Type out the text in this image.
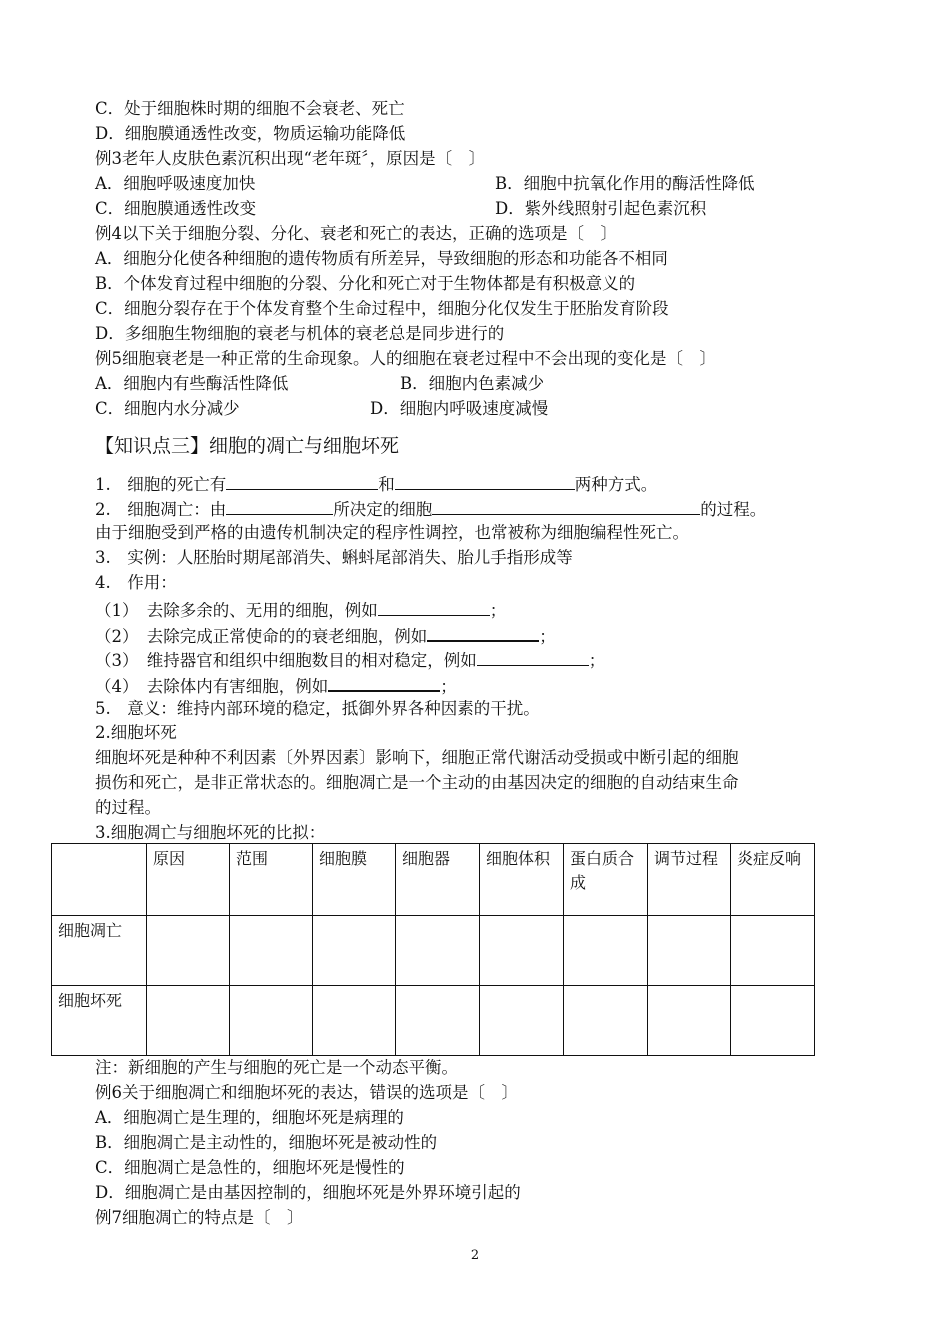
C．处于细胞株时期的细胞不会衰老、死亡
D．细胞膜通透性改变，物质运输功能降低
例3老年人皮肤色素沉积出现“老年斑〞，原因是〔　〕
A．细胞呼吸速度加快	B．细胞中抗氧化作用的酶活性降低
C．细胞膜通透性改变	D．紫外线照射引起色素沉积
例4以下关于细胞分裂、分化、衰老和死亡的表达，正确的选项是〔　〕
A．细胞分化使各种细胞的遗传物质有所差异，导致细胞的形态和功能各不相同
B．个体发育过程中细胞的分裂、分化和死亡对于生物体都是有积极意义的
C．细胞分裂存在于个体发育整个生命过程中，细胞分化仅发生于胚胎发育阶段
D．多细胞生物细胞的衰老与机体的衰老总是同步进行的
例5细胞衰老是一种正常的生命现象。人的细胞在衰老过程中不会出现的变化是〔　〕
A．细胞内有些酶活性降低	B．细胞内色素减少
C．细胞内水分减少	D．细胞内呼吸速度减慢
【知识点三】细胞的凋亡与细胞坏死
1.　细胞的死亡有	和	两种方式。
2.　细胞凋亡：由	所决定的细胞	的过程。
由于细胞受到严格的由遗传机制决定的程序性调控，也常被称为细胞编程性死亡。
3.　实例：人胚胎时期尾部消失、蝌蚪尾部消失、胎儿手指形成等
4.　作用：
（1）　去除多余的、无用的细胞，例如	；
（2）　去除完成正常使命的的衰老细胞，例如	；
（3）　维持器官和组织中细胞数目的相对稳定，例如	；
（4）　去除体内有害细胞，例如	；
5.　意义：维持内部环境的稳定，抵御外界各种因素的干扰。
2.细胞坏死
细胞坏死是种种不利因素〔外界因素〕影响下，细胞正常代谢活动受损或中断引起的细胞
损伤和死亡，是非正常状态的。细胞凋亡是一个主动的由基因决定的细胞的自动结束生命
的过程。
3.细胞凋亡与细胞坏死的比拟：
	原因	范围	细胞膜	细胞器	细胞体积	蛋白质合成	调节过程	炎症反响
细胞凋亡								
细胞坏死								
注：新细胞的产生与细胞的死亡是一个动态平衡。
例6关于细胞凋亡和细胞坏死的表达，错误的选项是〔　〕
A．细胞凋亡是生理的，细胞坏死是病理的
B．细胞凋亡是主动性的，细胞坏死是被动性的
C．细胞凋亡是急性的，细胞坏死是慢性的
D．细胞凋亡是由基因控制的，细胞坏死是外界环境引起的
例7细胞凋亡的特点是〔　〕
2
